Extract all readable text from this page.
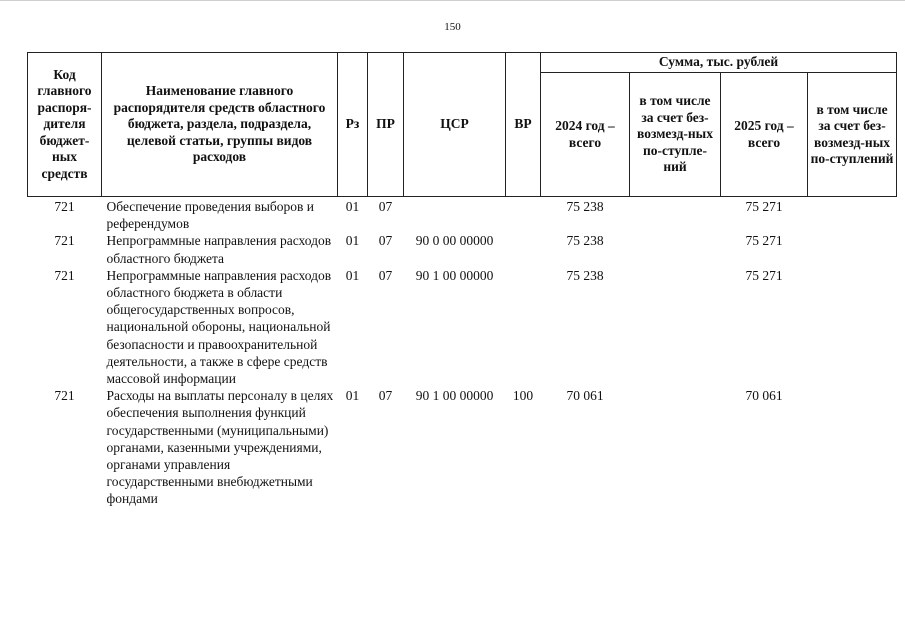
150
Код главного распоря-дителя бюджет-ных средств	Наименование главного распорядителя средств областного бюджета, раздела, подраздела, целевой статьи, группы видов расходов	Рз	ПР	ЦСР	ВР	Сумма, тыс. рублей			
						2024 год – всего	в том числе за счет без-возмезд-ных по-ступле-ний	2025 год – всего	в том числе за счет без-возмезд-ных по-ступлений
721	Обеспечение проведения выборов и референдумов	01	07			75 238		75 271	
721	Непрограммные направления расходов областного бюджета	01	07	90 0 00 00000		75 238		75 271	
721	Непрограммные направления расходов областного бюджета в области общегосударственных вопросов, национальной обороны, национальной безопасности и правоохранительной деятельности, а также в сфере средств массовой информации	01	07	90 1 00 00000		75 238		75 271	
721	Расходы на выплаты персоналу в целях обеспечения выполнения функций государственными (муниципальными) органами, казенными учреждениями, органами управления государственными внебюджетными фондами	01	07	90 1 00 00000	100	70 061		70 061	
